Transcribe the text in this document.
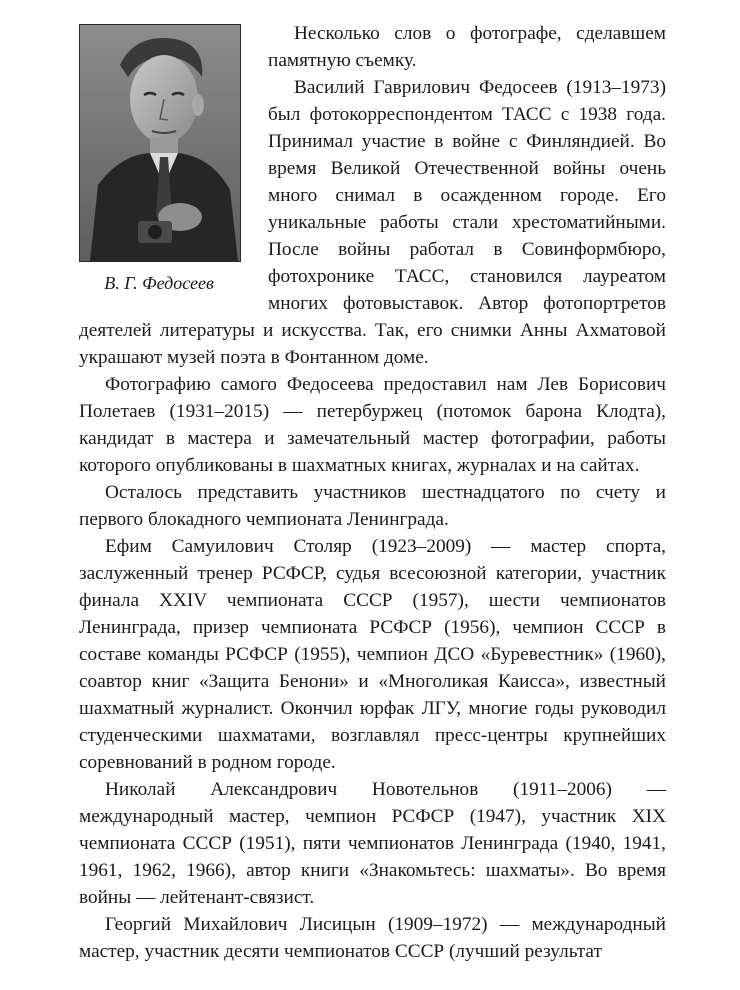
В. Г. Федосеев

Несколько слов о фотографе, сделавшем памятную съемку.

Василий Гаврилович Федосеев (1913–1973) был фотокорреспондентом ТАСС с 1938 года. Принимал участие в войне с Финляндией. Во время Великой Отечественной войны очень много снимал в осажденном городе. Его уникальные работы стали хрестоматийными. После войны работал в Совинформбюро, фотохронике ТАСС, становился лауреатом многих фотовыставок. Автор фотопортретов деятелей литературы и искусства. Так, его снимки Анны Ахматовой украшают музей поэта в Фонтанном доме.

Фотографию самого Федосеева предоставил нам Лев Борисович Полетаев (1931–2015) — петербуржец (потомок барона Клодта), кандидат в мастера и замечательный мастер фотографии, работы которого опубликованы в шахматных книгах, журналах и на сайтах.

Осталось представить участников шестнадцатого по счету и первого блокадного чемпионата Ленинграда.

Ефим Самуилович Столяр (1923–2009) — мастер спорта, заслуженный тренер РСФСР, судья всесоюзной категории, участник финала XXIV чемпионата СССР (1957), шести чемпионатов Ленинграда, призер чемпионата РСФСР (1956), чемпион СССР в составе команды РСФСР (1955), чемпион ДСО «Буревестник» (1960), соавтор книг «Защита Бенони» и «Многоликая Каисса», известный шахматный журналист. Окончил юрфак ЛГУ, многие годы руководил студенческими шахматами, возглавлял пресс-центры крупнейших соревнований в родном городе.

Николай Александрович Новотельнов (1911–2006) — международный мастер, чемпион РСФСР (1947), участник XIX чемпионата СССР (1951), пяти чемпионатов Ленинграда (1940, 1941, 1961, 1962, 1966), автор книги «Знакомьтесь: шахматы». Во время войны — лейтенант-связист.

Георгий Михайлович Лисицын (1909–1972) — международный мастер, участник десяти чемпионатов СССР (лучший результат
